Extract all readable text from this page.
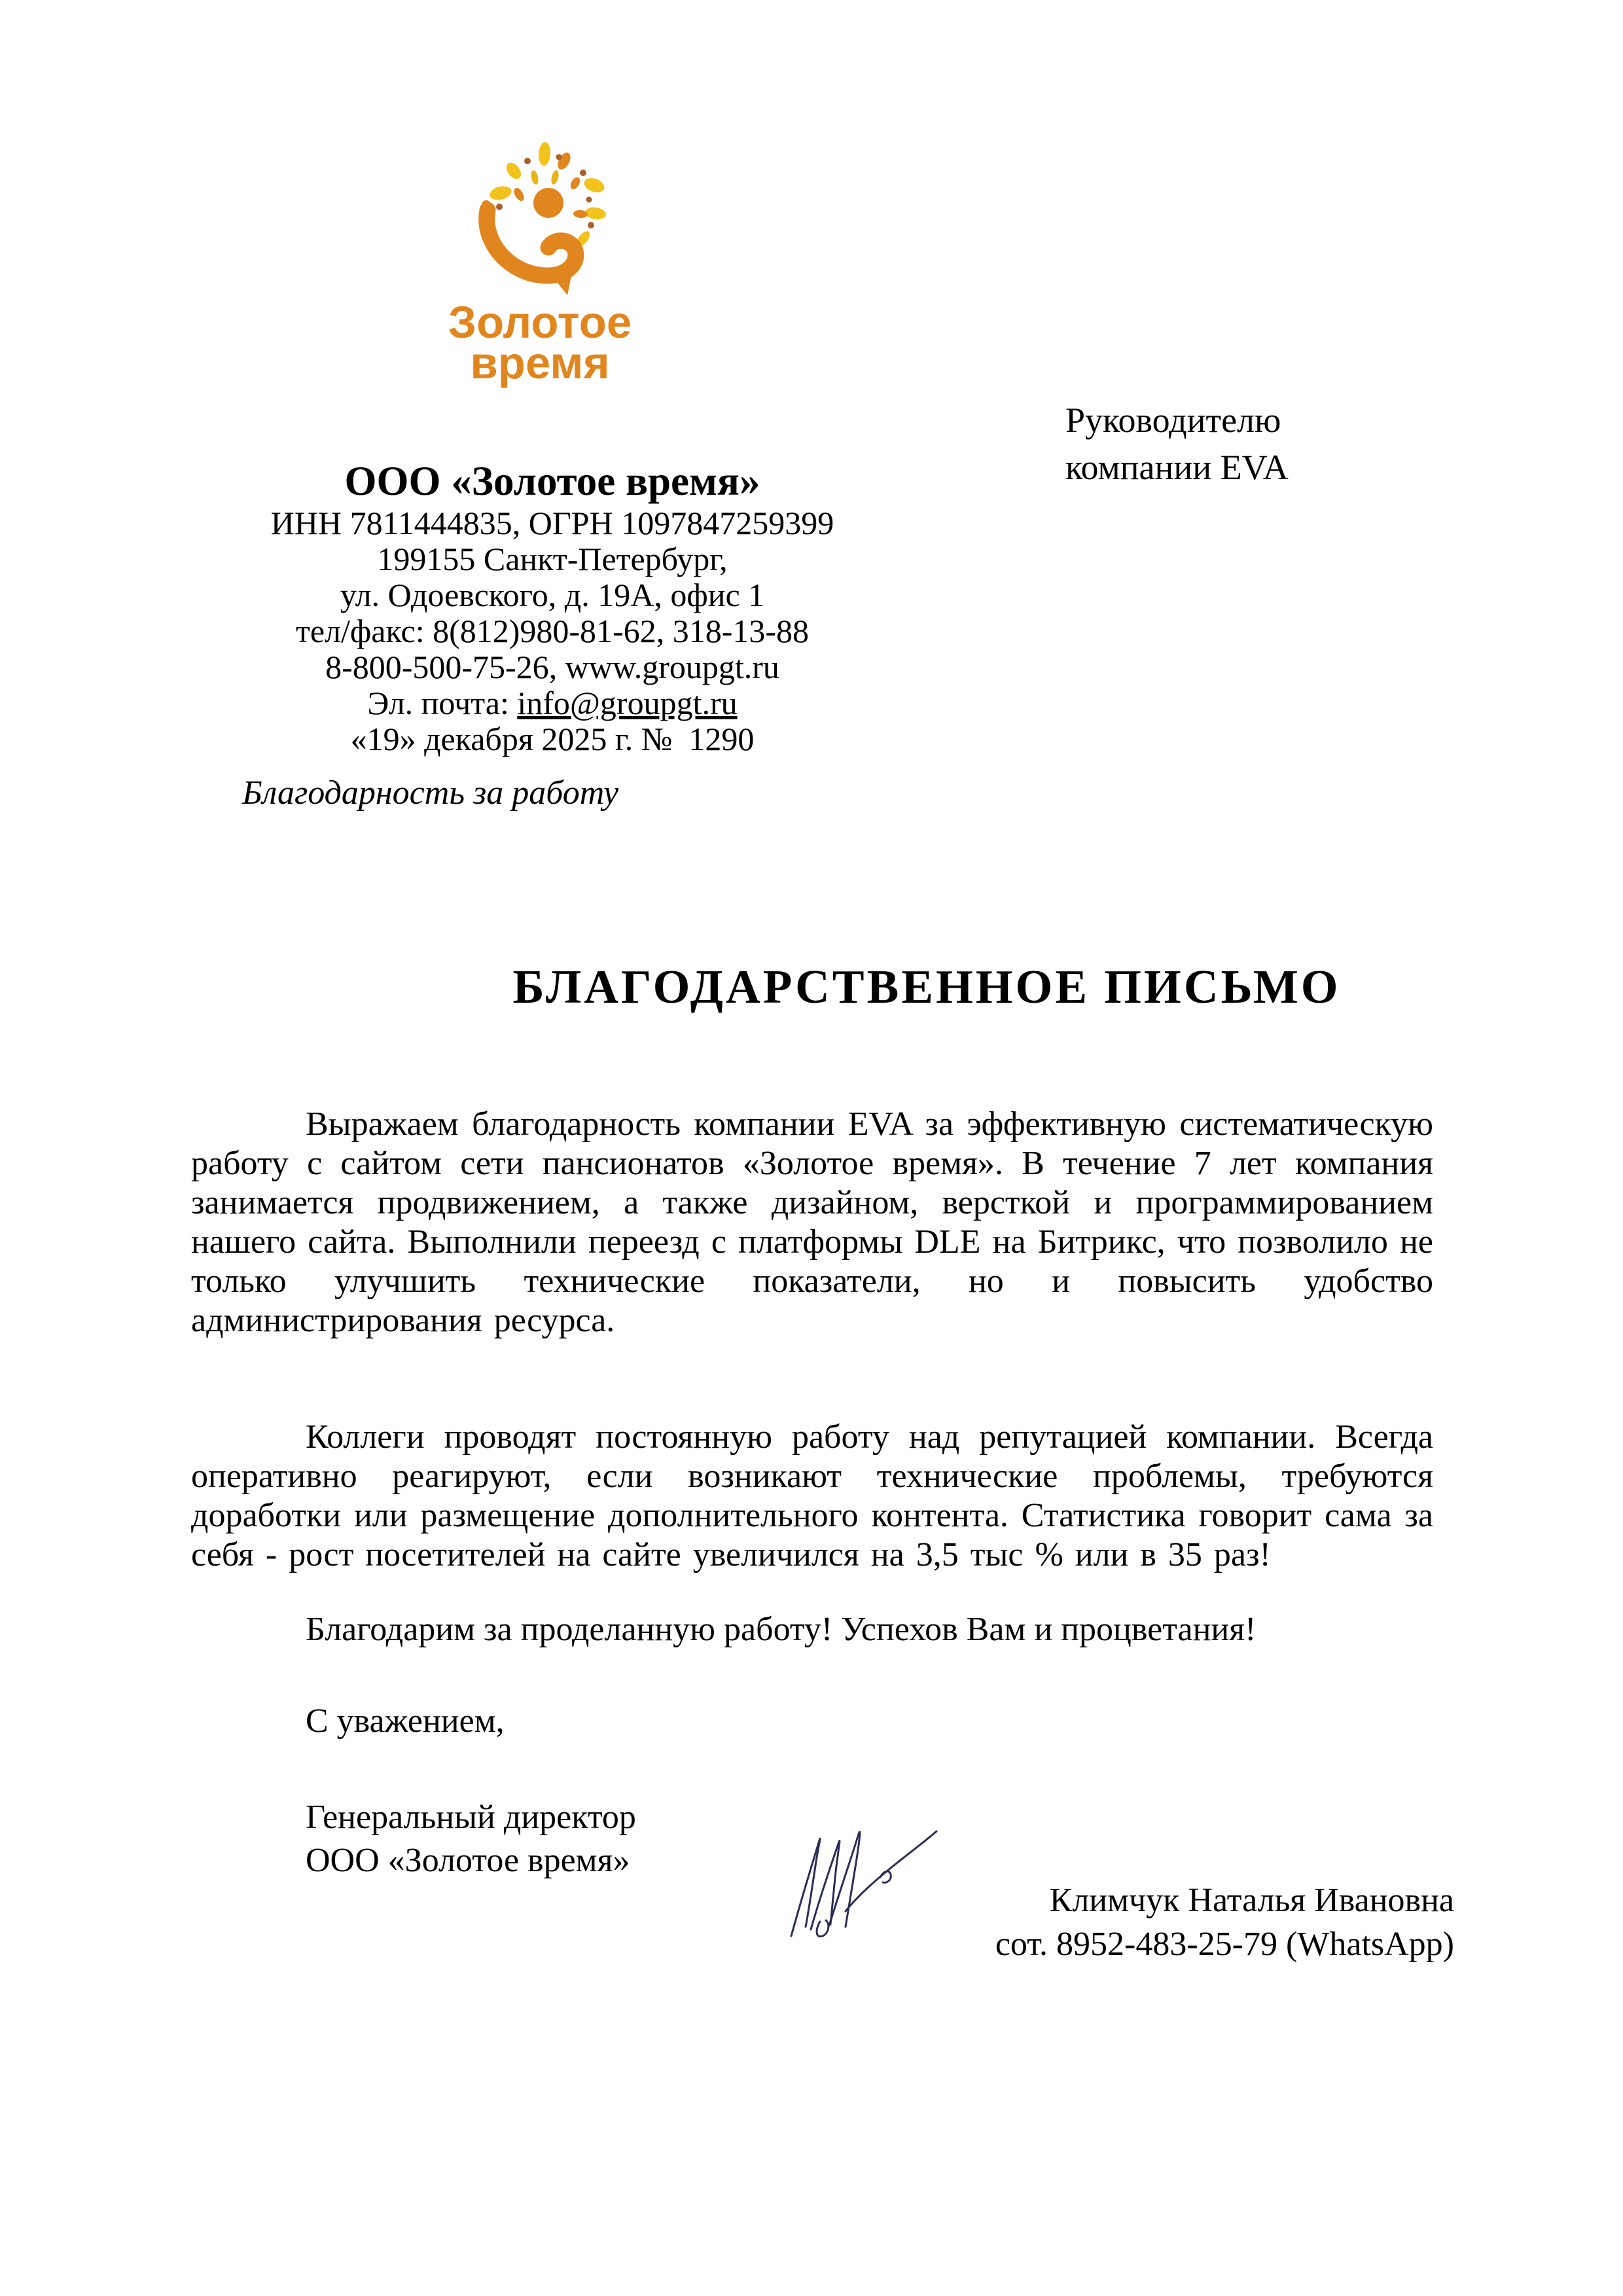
Золотое
время
Руководителю
компании EVA
ООО «Золотое время»
ИНН 7811444835, ОГРН 1097847259399
199155 Санкт-Петербург,
ул. Одоевского, д. 19А, офис 1
тел/факс: 8(812)980-81-62, 318-13-88
8-800-500-75-26, www.groupgt.ru
Эл. почта: info@groupgt.ru
«19» декабря 2025 г. №  1290
Благодарность за работу
БЛАГОДАРСТВЕННОЕ ПИСЬМО
Выражаем благодарность компании EVA за эффективную систематическую работу с сайтом сети пансионатов «Золотое время». В течение 7 лет компания занимается продвижением, а также дизайном, версткой и программированием нашего сайта. Выполнили переезд с платформы DLE на Битрикс, что позволило не только улучшить технические показатели, но и повысить удобство администрирования ресурса.
Коллеги проводят постоянную работу над репутацией компании. Всегда оперативно реагируют, если возникают технические проблемы, требуются доработки или размещение дополнительного контента. Статистика говорит сама за себя - рост посетителей на сайте увеличился на 3,5 тыс % или в 35 раз!
Благодарим за проделанную работу! Успехов Вам и процветания!
С уважением,
Генеральный директор
ООО «Золотое время»
Климчук Наталья Ивановна
сот. 8952-483-25-79 (WhatsApp)
